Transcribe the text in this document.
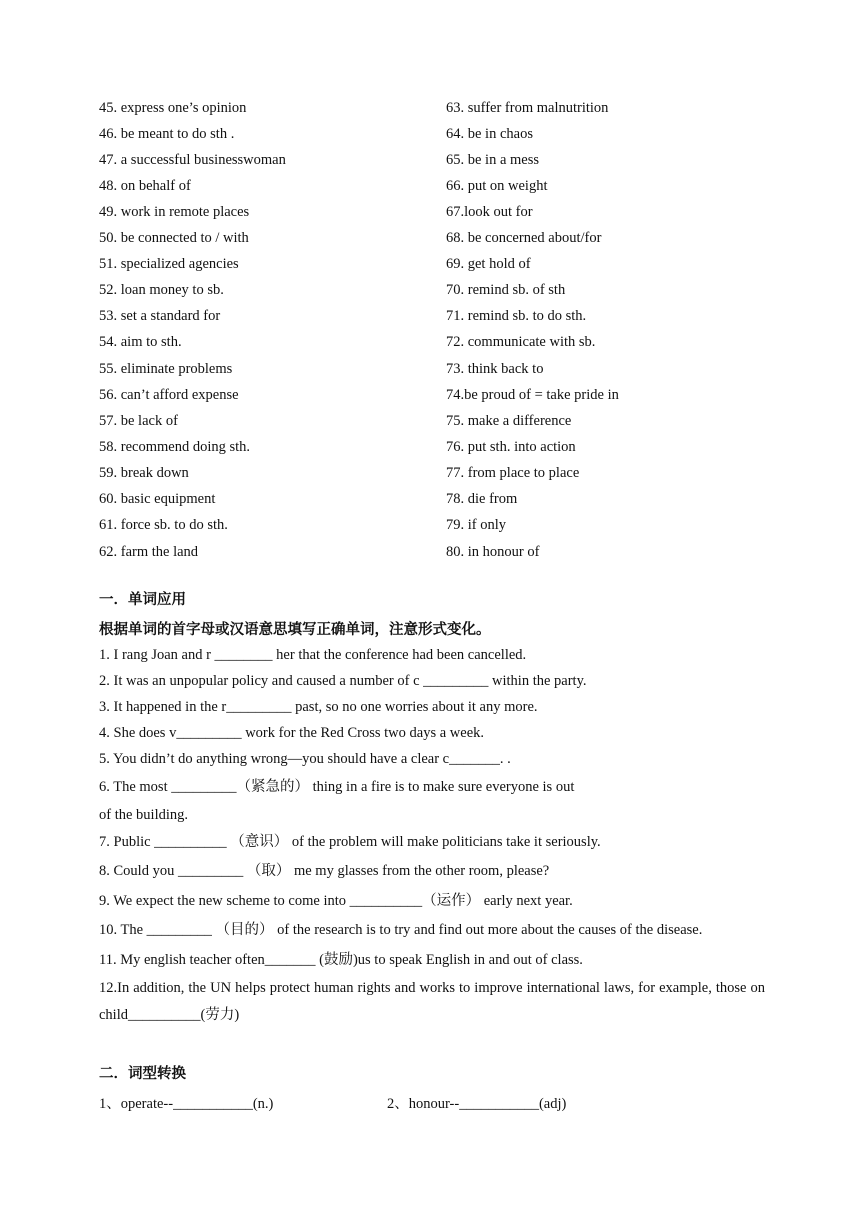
45. express one’s opinion
46. be meant to do sth .
47. a successful businesswoman
48. on behalf of
49. work in remote places
50. be connected to / with
51. specialized agencies
52. loan money to sb.
53. set a standard for
54. aim to sth.
55. eliminate problems
56. can’t afford expense
57. be lack of
58. recommend doing sth.
59. break down
60. basic equipment
61. force sb. to do sth.
62. farm the land
63. suffer from malnutrition
64. be in chaos
65. be in a mess
66. put on weight
67.look out for
68. be concerned about/for
69. get hold of
70. remind sb. of sth
71. remind sb. to do sth.
72. communicate with sb.
73. think back to
74.be proud of = take pride in
75. make a difference
76. put sth. into action
77. from place to place
78. die from
79. if only
80. in honour of
一．单词应用
根据单词的首字母或汉语意思填写正确单词，注意形式变化。
1. I rang Joan and r ________ her that the conference had been cancelled.
2. It was an unpopular policy and caused a number of c _________ within the party.
3. It happened in the r_________ past, so no one worries about it any more.
4. She does v_________ work for the Red Cross two days a week.
5. You didn’t do anything wrong—you should have a clear c_______. .
6. The most _________（紧急的） thing in a fire is to make sure everyone is out
of the building.
7. Public __________ （意识） of the problem will make politicians take it seriously.
8. Could you _________ （取） me my glasses from the other room, please?
9. We expect the new scheme to come into __________（运作） early next year.
10. The _________ （目的） of the research is to try and find out more about the causes of the disease.
11. My english teacher often_______ (鼓励)us to speak English in and out of class.
12.In addition, the UN helps protect human rights and works to improve international laws, for example, those on child__________(劳力)
二．词型转换
1、operate--___________(n.)	2、honour--___________(adj)
